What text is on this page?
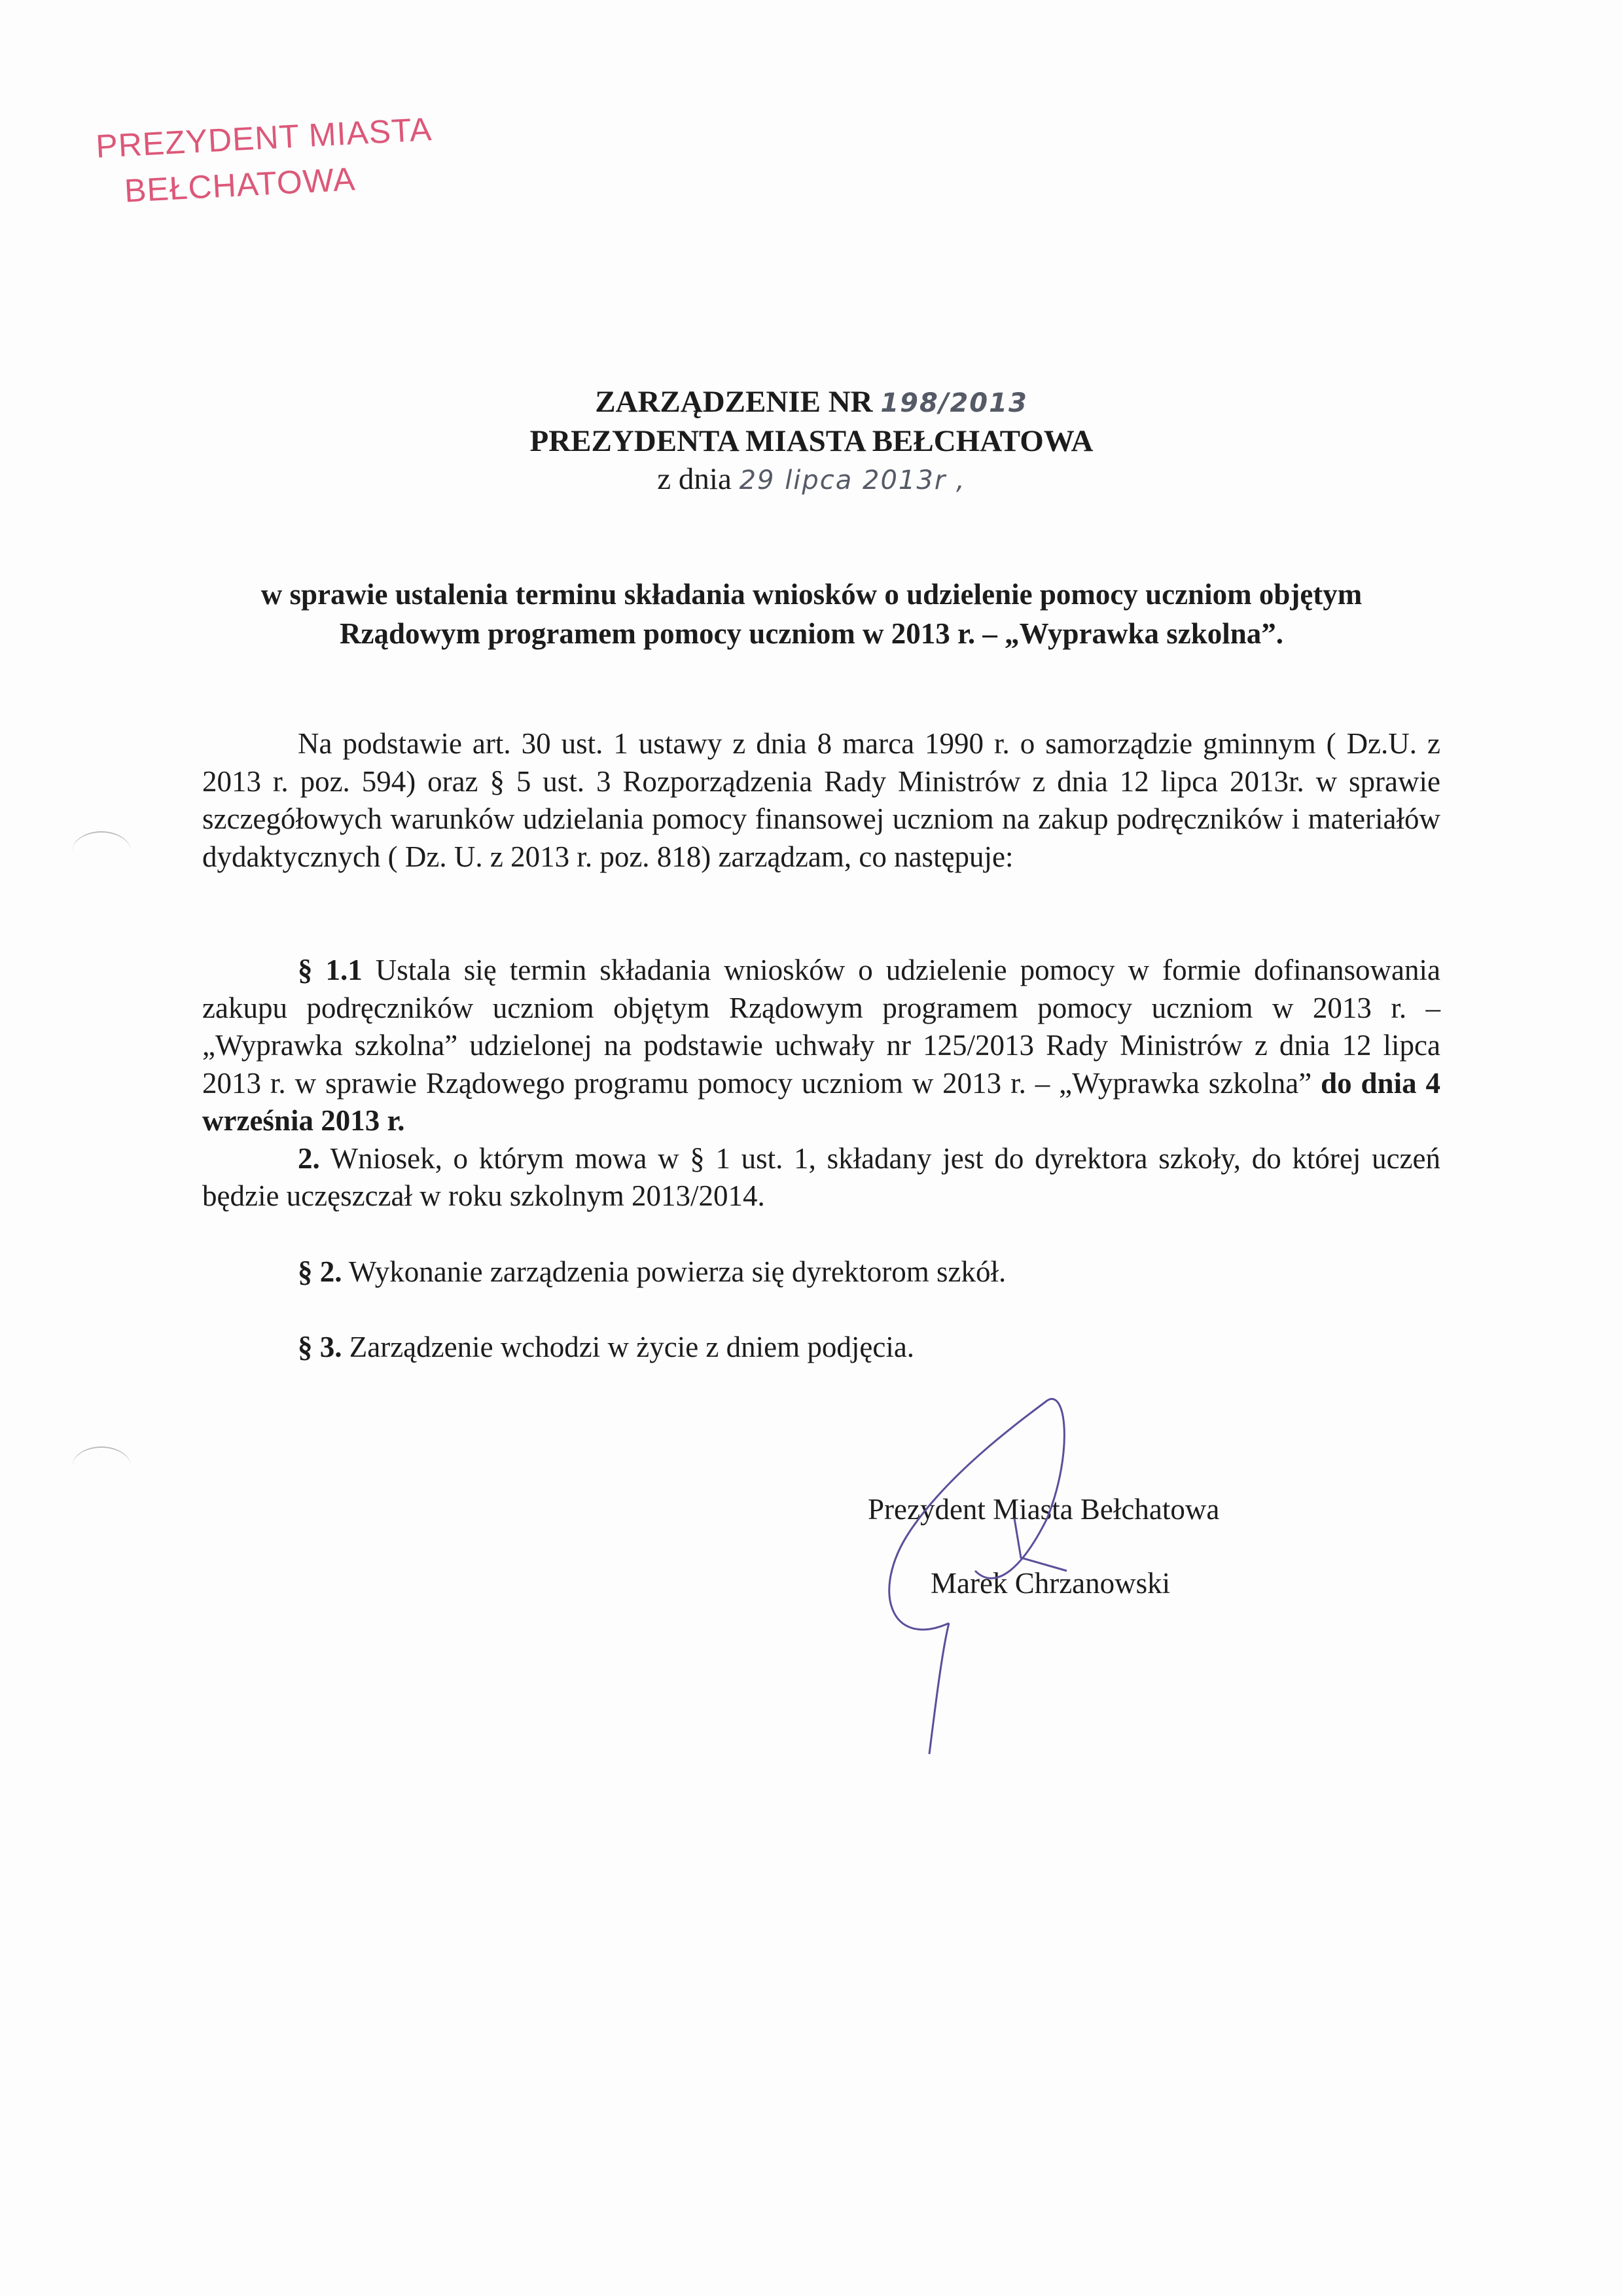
PREZYDENT MIASTA
BEŁCHATOWA
ZARZĄDZENIE NR 198/2013
PREZYDENTA MIASTA BEŁCHATOWA
z dnia 29 lipca 2013r ,
w sprawie ustalenia terminu składania wniosków o udzielenie pomocy uczniom objętym
Rządowym programem pomocy uczniom w 2013 r. – „Wyprawka szkolna”.

Na podstawie art. 30 ust. 1 ustawy z dnia 8 marca 1990 r. o samorządzie gminnym ( Dz.U. z 2013 r. poz. 594) oraz § 5 ust. 3 Rozporządzenia Rady Ministrów z dnia 12 lipca 2013r. w sprawie szczegółowych warunków udzielania pomocy finansowej uczniom na zakup podręczników i materiałów dydaktycznych ( Dz. U. z 2013 r. poz. 818) zarządzam, co następuje:

§ 1.1 Ustala się termin składania wniosków o udzielenie pomocy w formie dofinansowania zakupu podręczników uczniom objętym Rządowym programem pomocy uczniom w 2013 r. – „Wyprawka szkolna” udzielonej na podstawie uchwały nr 125/2013 Rady Ministrów z dnia 12 lipca 2013 r. w sprawie Rządowego programu pomocy uczniom w 2013 r. – „Wyprawka szkolna” do dnia 4 września 2013 r.

2. Wniosek, o którym mowa w § 1 ust. 1, składany jest do dyrektora szkoły, do której uczeń będzie uczęszczał w roku szkolnym 2013/2014.

§ 2. Wykonanie zarządzenia powierza się dyrektorom szkół.

§ 3. Zarządzenie wchodzi w życie z dniem podjęcia.

Prezydent Miasta Bełchatowa
Marek Chrzanowski
